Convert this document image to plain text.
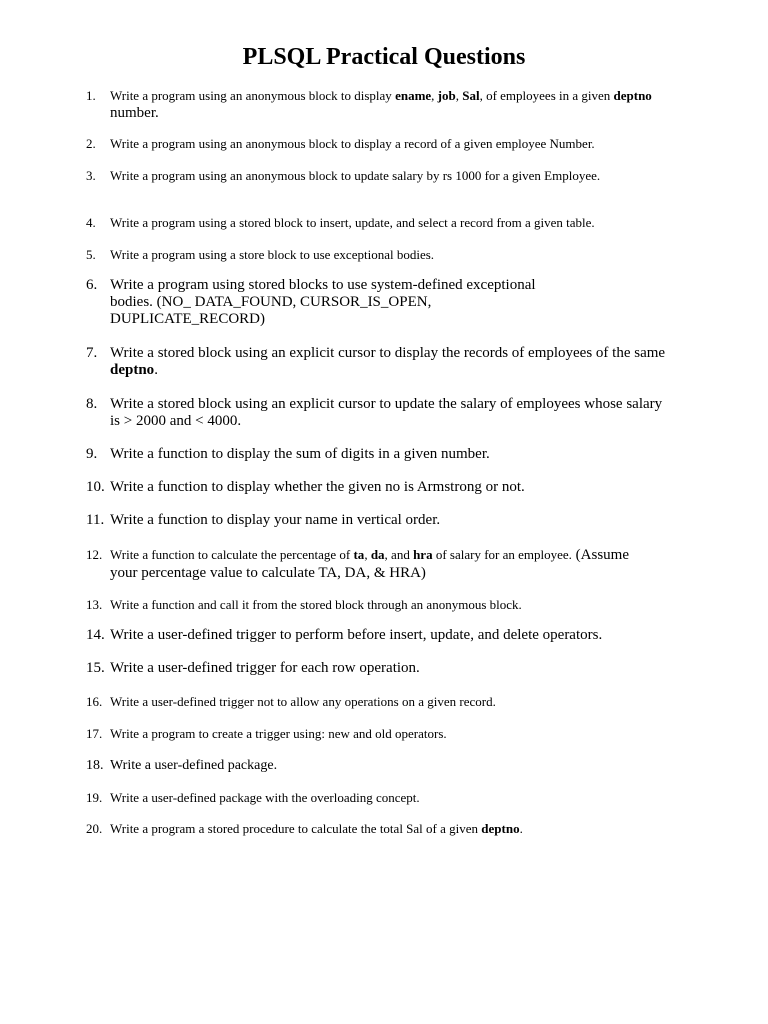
PLSQL Practical Questions
1. Write a program using an anonymous block to display ename, job, Sal, of employees in a given deptno
number.
2. Write a program using an anonymous block to display a record of a given employee Number.
3. Write a program using an anonymous block to update salary by rs 1000 for a given Employee.
4. Write a program using a stored block to insert, update, and select a record from a given table.
5. Write a program using a store block to use exceptional bodies.
6. Write a program using stored blocks to use system-defined exceptional
bodies. (NO_ DATA_FOUND, CURSOR_IS_OPEN,
DUPLICATE_RECORD)
7. Write a stored block using an explicit cursor to display the records of employees of the same
deptno.
8. Write a stored block using an explicit cursor to update the salary of employees whose salary
is > 2000 and < 4000.
9. Write a function to display the sum of digits in a given number.
10. Write a function to display whether the given no is Armstrong or not.
11. Write a function to display your name in vertical order.
12. Write a function to calculate the percentage of ta, da, and hra of salary for an employee. (Assume
your percentage value to calculate TA, DA, & HRA)
13. Write a function and call it from the stored block through an anonymous block.
14. Write a user-defined trigger to perform before insert, update, and delete operators.
15. Write a user-defined trigger for each row operation.
16. Write a user-defined trigger not to allow any operations on a given record.
17. Write a program to create a trigger using: new and old operators.
18. Write a user-defined package.
19. Write a user-defined package with the overloading concept.
20. Write a program a stored procedure to calculate the total Sal of a given deptno.
